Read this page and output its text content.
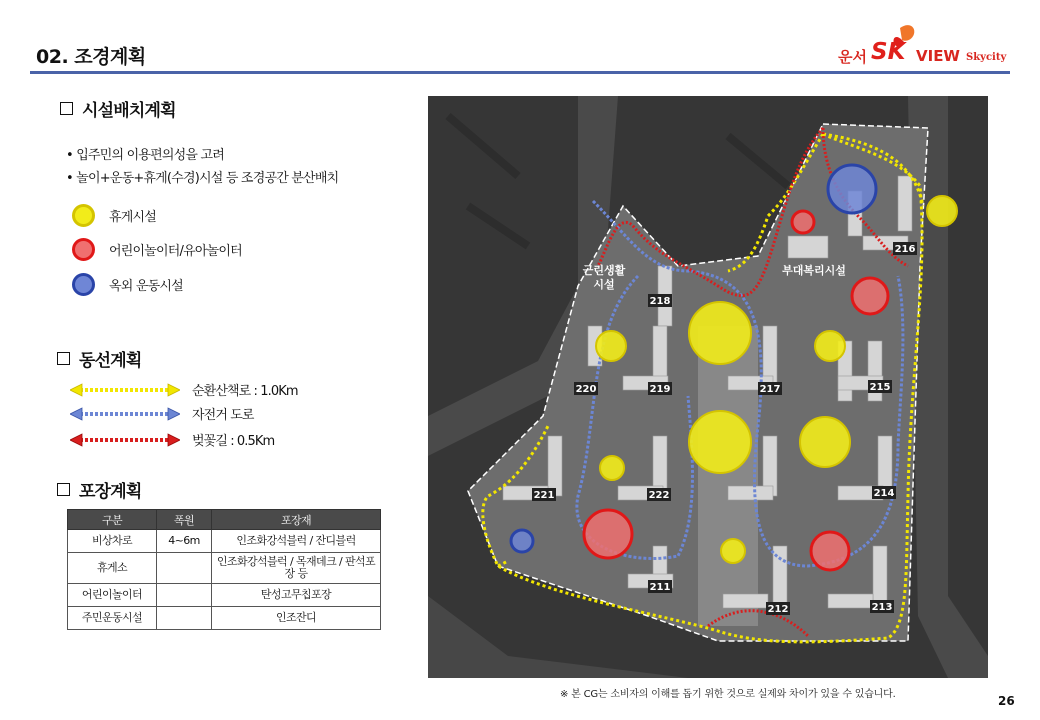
02. 조경계획	운서 SK VIEW Skycity
시설배치계획
• 입주민의 이용편의성을 고려
• 놀이+운동+휴게(수경)시설 등 조경공간 분산배치
휴게시설
어린이놀이터/유아놀이터
옥외 운동시설
동선계획
순환산책로 : 1.0Km
자전거 도로
벚꽃길 : 0.5Km
포장계획
구분	폭원	포장재
비상차로	4~6m	인조화강석블럭 / 잔디블럭
휴게소		인조화강석블럭 / 목재데크 / 판석포장 등
어린이놀이터		탄성고무칩포장
주민운동시설		인조잔디
근린생활
시설
부대복리시설
216
218
220	219	217	215
221	222	214
211
212	213
※ 본 CG는 소비자의 이해를 돕기 위한 것으로 실제와 차이가 있을 수 있습니다.	26
